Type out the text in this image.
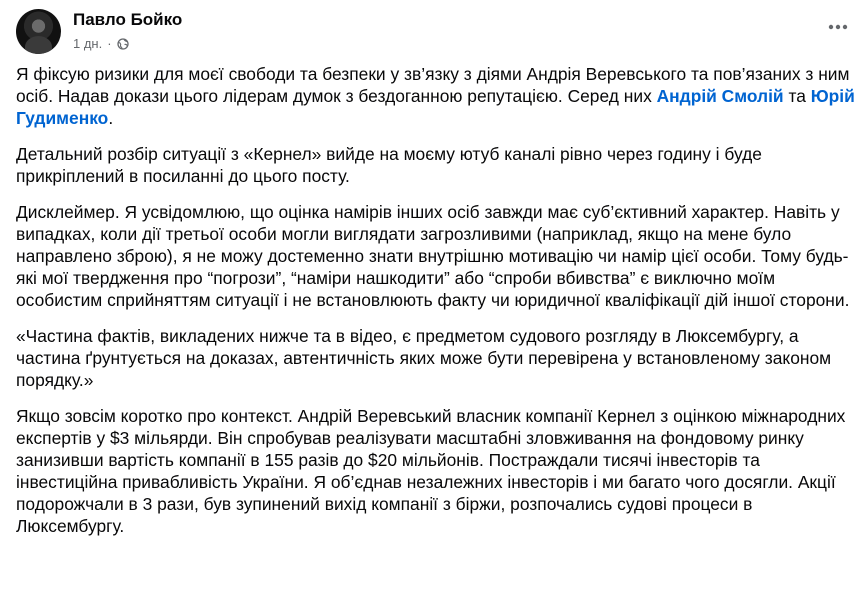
Павло Бойко
1 дн. ·

Я фіксую ризики для моєї свободи та безпеки у зв’язку з діями Андрія Веревського та пов’язаних з ним осіб. Надав докази цього лідерам думок з бездоганною репутацією. Серед них Андрій Смолій та Юрій Гудименко.

Детальний розбір ситуації з «Кернел» вийде на моєму ютуб каналі рівно через годину і буде прикріплений в посиланні до цього посту.

Дисклеймер. Я усвідомлюю, що оцінка намірів інших осіб завжди має суб’єктивний характер. Навіть у випадках, коли дії третьої особи могли виглядати загрозливими (наприклад, якщо на мене було направлено зброю), я не можу достеменно знати внутрішню мотивацію чи намір цієї особи. Тому будь-які мої твердження про “погрози”, “наміри нашкодити” або “спроби вбивства” є виключно моїм особистим сприйняттям ситуації і не встановлюють факту чи юридичної кваліфікації дій іншої сторони.

«Частина фактів, викладених нижче та в відео, є предметом судового розгляду в Люксембургу, а частина ґрунтується на доказах, автентичність яких може бути перевірена у встановленому законом порядку.»

Якщо зовсім коротко про контекст. Андрій Веревський власник компанії Кернел з оцінкою міжнародних експертів у $3 мільярди. Він спробував реалізувати масштабні зловживання на фондовому ринку занизивши вартість компанії в 155 разів до $20 мільйонів. Постраждали тисячі інвесторів та інвестиційна привабливість України. Я об’єднав незалежних інвесторів і ми багато чого досягли. Акції подорожчали в 3 рази, був зупинений вихід компанії з біржи, розпочались судові процеси в Люксембургу.
